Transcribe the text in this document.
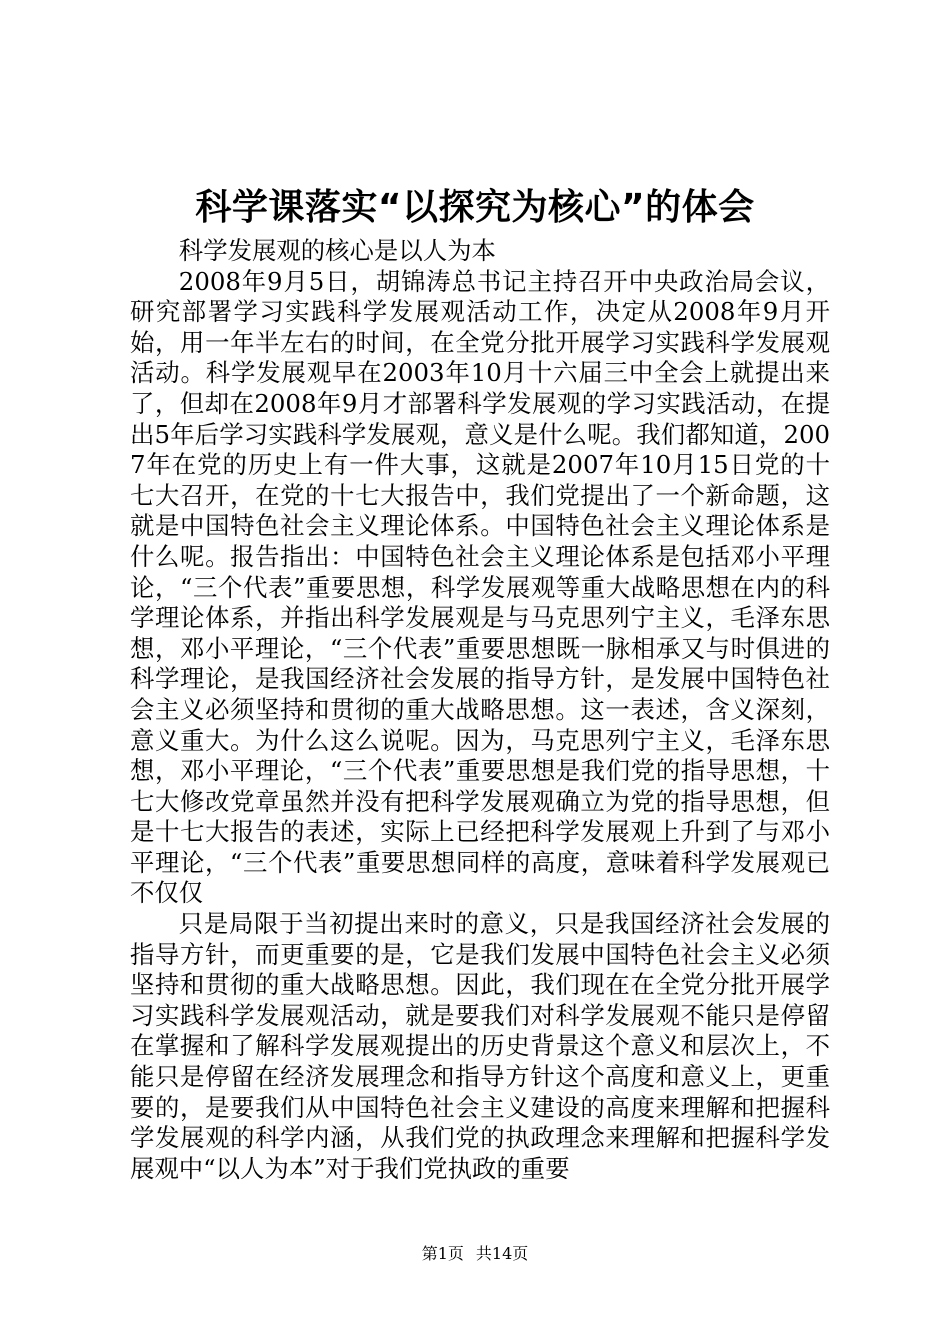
科学课落实“以探究为核心”的体会

科学发展观的核心是以人为本

2008年9月5日，胡锦涛总书记主持召开中央政治局会议，研究部署学习实践科学发展观活动工作，决定从2008年9月开始，用一年半左右的时间，在全党分批开展学习实践科学发展观活动。科学发展观早在2003年10月十六届三中全会上就提出来了，但却在2008年9月才部署科学发展观的学习实践活动，在提出5年后学习实践科学发展观，意义是什么呢。我们都知道，2007年在党的历史上有一件大事，这就是2007年10月15日党的十七大召开，在党的十七大报告中，我们党提出了一个新命题，这就是中国特色社会主义理论体系。中国特色社会主义理论体系是什么呢。报告指出：中国特色社会主义理论体系是包括邓小平理论，“三个代表”重要思想，科学发展观等重大战略思想在内的科学理论体系，并指出科学发展观是与马克思列宁主义，毛泽东思想，邓小平理论，“三个代表”重要思想既一脉相承又与时俱进的科学理论，是我国经济社会发展的指导方针，是发展中国特色社会主义必须坚持和贯彻的重大战略思想。这一表述，含义深刻，意义重大。为什么这么说呢。因为，马克思列宁主义，毛泽东思想，邓小平理论，“三个代表”重要思想是我们党的指导思想，十七大修改党章虽然并没有把科学发展观确立为党的指导思想，但是十七大报告的表述，实际上已经把科学发展观上升到了与邓小平理论，“三个代表”重要思想同样的高度，意味着科学发展观已不仅仅

只是局限于当初提出来时的意义，只是我国经济社会发展的指导方针，而更重要的是，它是我们发展中国特色社会主义必须坚持和贯彻的重大战略思想。因此，我们现在在全党分批开展学习实践科学发展观活动，就是要我们对科学发展观不能只是停留在掌握和了解科学发展观提出的历史背景这个意义和层次上，不能只是停留在经济发展理念和指导方针这个高度和意义上，更重要的，是要我们从中国特色社会主义建设的高度来理解和把握科学发展观的科学内涵，从我们党的执政理念来理解和把握科学发展观中“以人为本”对于我们党执政的重要

第1页 共14页
